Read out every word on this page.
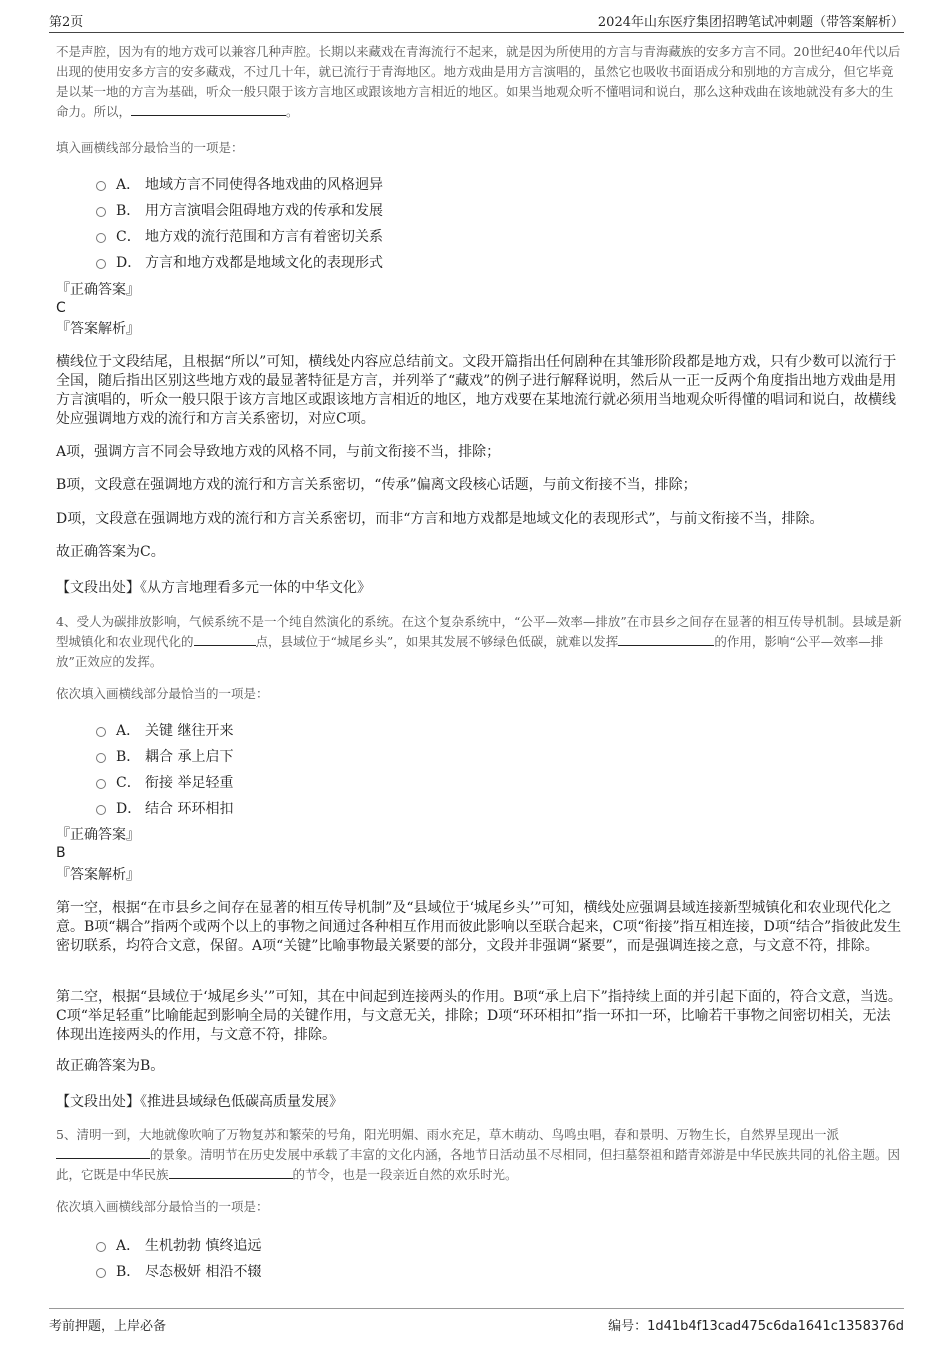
第2页	2024年山东医疗集团招聘笔试冲刺题（带答案解析）
不是声腔，因为有的地方戏可以兼容几种声腔。长期以来藏戏在青海流行不起来，就是因为所使用的方言与青海藏族的安多方言不同。20世纪40年代以后出现的使用安多方言的安多藏戏，不过几十年，就已流行于青海地区。地方戏曲是用方言演唱的，虽然它也吸收书面语成分和别地的方言成分，但它毕竟是以某一地的方言为基础，听众一般只限于该方言地区或跟该地方言相近的地区。如果当地观众听不懂唱词和说白，那么这种戏曲在该地就没有多大的生命力。所以，	。
填入画横线部分最恰当的一项是：
A． 地域方言不同使得各地戏曲的风格迥异
B． 用方言演唱会阻碍地方戏的传承和发展
C． 地方戏的流行范围和方言有着密切关系
D． 方言和地方戏都是地域文化的表现形式
『正确答案』
C
『答案解析』
横线位于文段结尾，且根据“所以”可知，横线处内容应总结前文。文段开篇指出任何剧种在其雏形阶段都是地方戏，只有少数可以流行于全国，随后指出区别这些地方戏的最显著特征是方言，并列举了“藏戏”的例子进行解释说明，然后从一正一反两个角度指出地方戏曲是用方言演唱的，听众一般只限于该方言地区或跟该地方言相近的地区，地方戏要在某地流行就必须用当地观众听得懂的唱词和说白，故横线处应强调地方戏的流行和方言关系密切，对应C项。
A项，强调方言不同会导致地方戏的风格不同，与前文衔接不当，排除；
B项，文段意在强调地方戏的流行和方言关系密切，“传承”偏离文段核心话题，与前文衔接不当，排除；
D项，文段意在强调地方戏的流行和方言关系密切，而非“方言和地方戏都是地域文化的表现形式”，与前文衔接不当，排除。
故正确答案为C。
【文段出处】《从方言地理看多元一体的中华文化》
4、受人为碳排放影响，气候系统不是一个纯自然演化的系统。在这个复杂系统中，“公平—效率—排放”在市县乡之间存在显著的相互传导机制。县域是新型城镇化和农业现代化的	点，县域位于“城尾乡头”，如果其发展不够绿色低碳，就难以发挥	的作用，影响“公平—效率—排放”正效应的发挥。
依次填入画横线部分最恰当的一项是：
A． 关键 继往开来
B． 耦合 承上启下
C． 衔接 举足轻重
D． 结合 环环相扣
『正确答案』
B
『答案解析』
第一空，根据“在市县乡之间存在显著的相互传导机制”及“县域位于‘城尾乡头’”可知，横线处应强调县域连接新型城镇化和农业现代化之意。B项“耦合”指两个或两个以上的事物之间通过各种相互作用而彼此影响以至联合起来，C项“衔接”指互相连接，D项“结合”指彼此发生密切联系，均符合文意，保留。A项“关键”比喻事物最关紧要的部分，文段并非强调“紧要”，而是强调连接之意，与文意不符，排除。
第二空，根据“县域位于‘城尾乡头’”可知，其在中间起到连接两头的作用。B项“承上启下”指持续上面的并引起下面的，符合文意，当选。C项“举足轻重”比喻能起到影响全局的关键作用，与文意无关，排除；D项“环环相扣”指一环扣一环，比喻若干事物之间密切相关，无法体现出连接两头的作用，与文意不符，排除。
故正确答案为B。
【文段出处】《推进县域绿色低碳高质量发展》
5、清明一到，大地就像吹响了万物复苏和繁荣的号角，阳光明媚、雨水充足，草木萌动、鸟鸣虫唱，春和景明、万物生长，自然界呈现出一派的景象。清明节在历史发展中承载了丰富的文化内涵，各地节日活动虽不尽相同，但扫墓祭祖和踏青郊游是中华民族共同的礼俗主题。因此，它既是中华民族	的节令，也是一段亲近自然的欢乐时光。
依次填入画横线部分最恰当的一项是：
A． 生机勃勃 慎终追远
B． 尽态极妍 相沿不辍
考前押题，上岸必备	编号：1d41b4f13cad475c6da1641c1358376d
